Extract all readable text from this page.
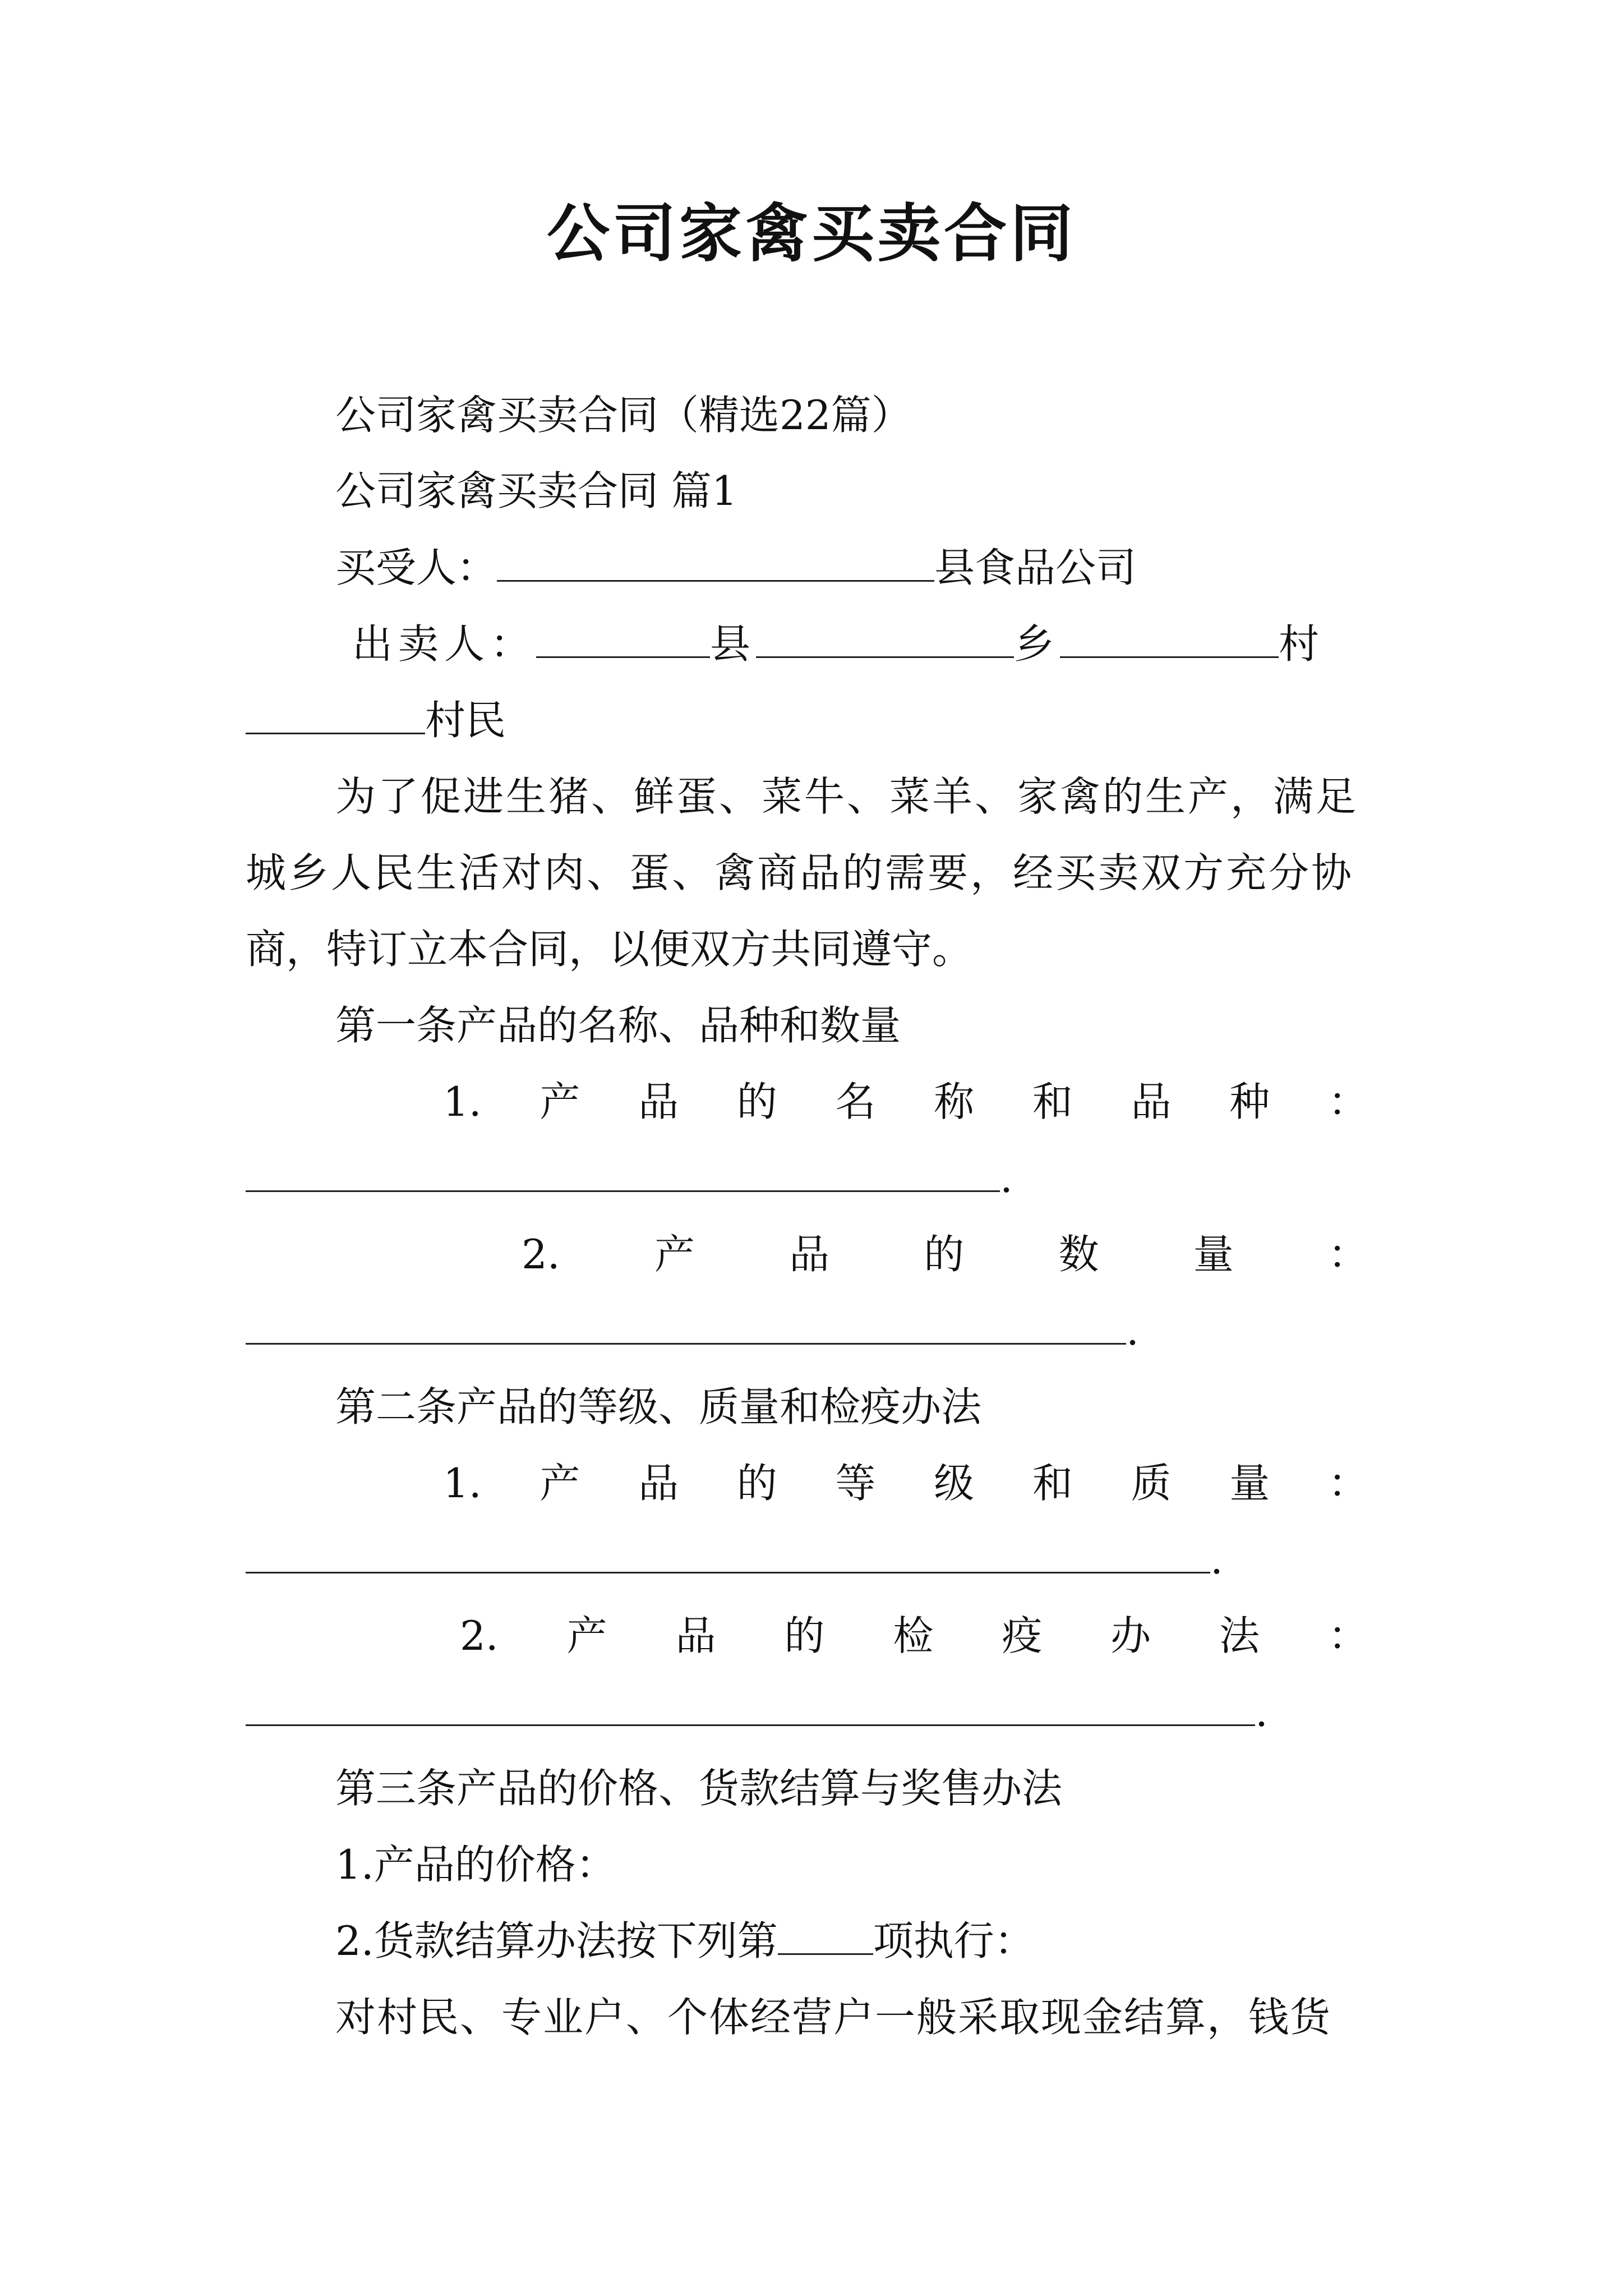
公司家禽买卖合同
公司家禽买卖合同（精选22篇）
公司家禽买卖合同 篇1
买受人：	县食品公司
出卖人：	县	乡	村
村民
为了促进生猪、鲜蛋、菜牛、菜羊、家禽的生产，满足
城乡人民生活对肉、蛋、禽商品的需要，经买卖双方充分协
商，特订立本合同，以便双方共同遵守。
第一条产品的名称、品种和数量
1. 产 品 的 名 称 和 品 种 ：
.
2. 产 品 的 数 量 ：
.
第二条产品的等级、质量和检疫办法
1. 产 品 的 等 级 和 质 量 ：
.
2. 产 品 的 检 疫 办 法 ：
.
第三条产品的价格、货款结算与奖售办法
1.产品的价格：
2.货款结算办法按下列第 项执行：
对村民、专业户、个体经营户一般采取现金结算，钱货
